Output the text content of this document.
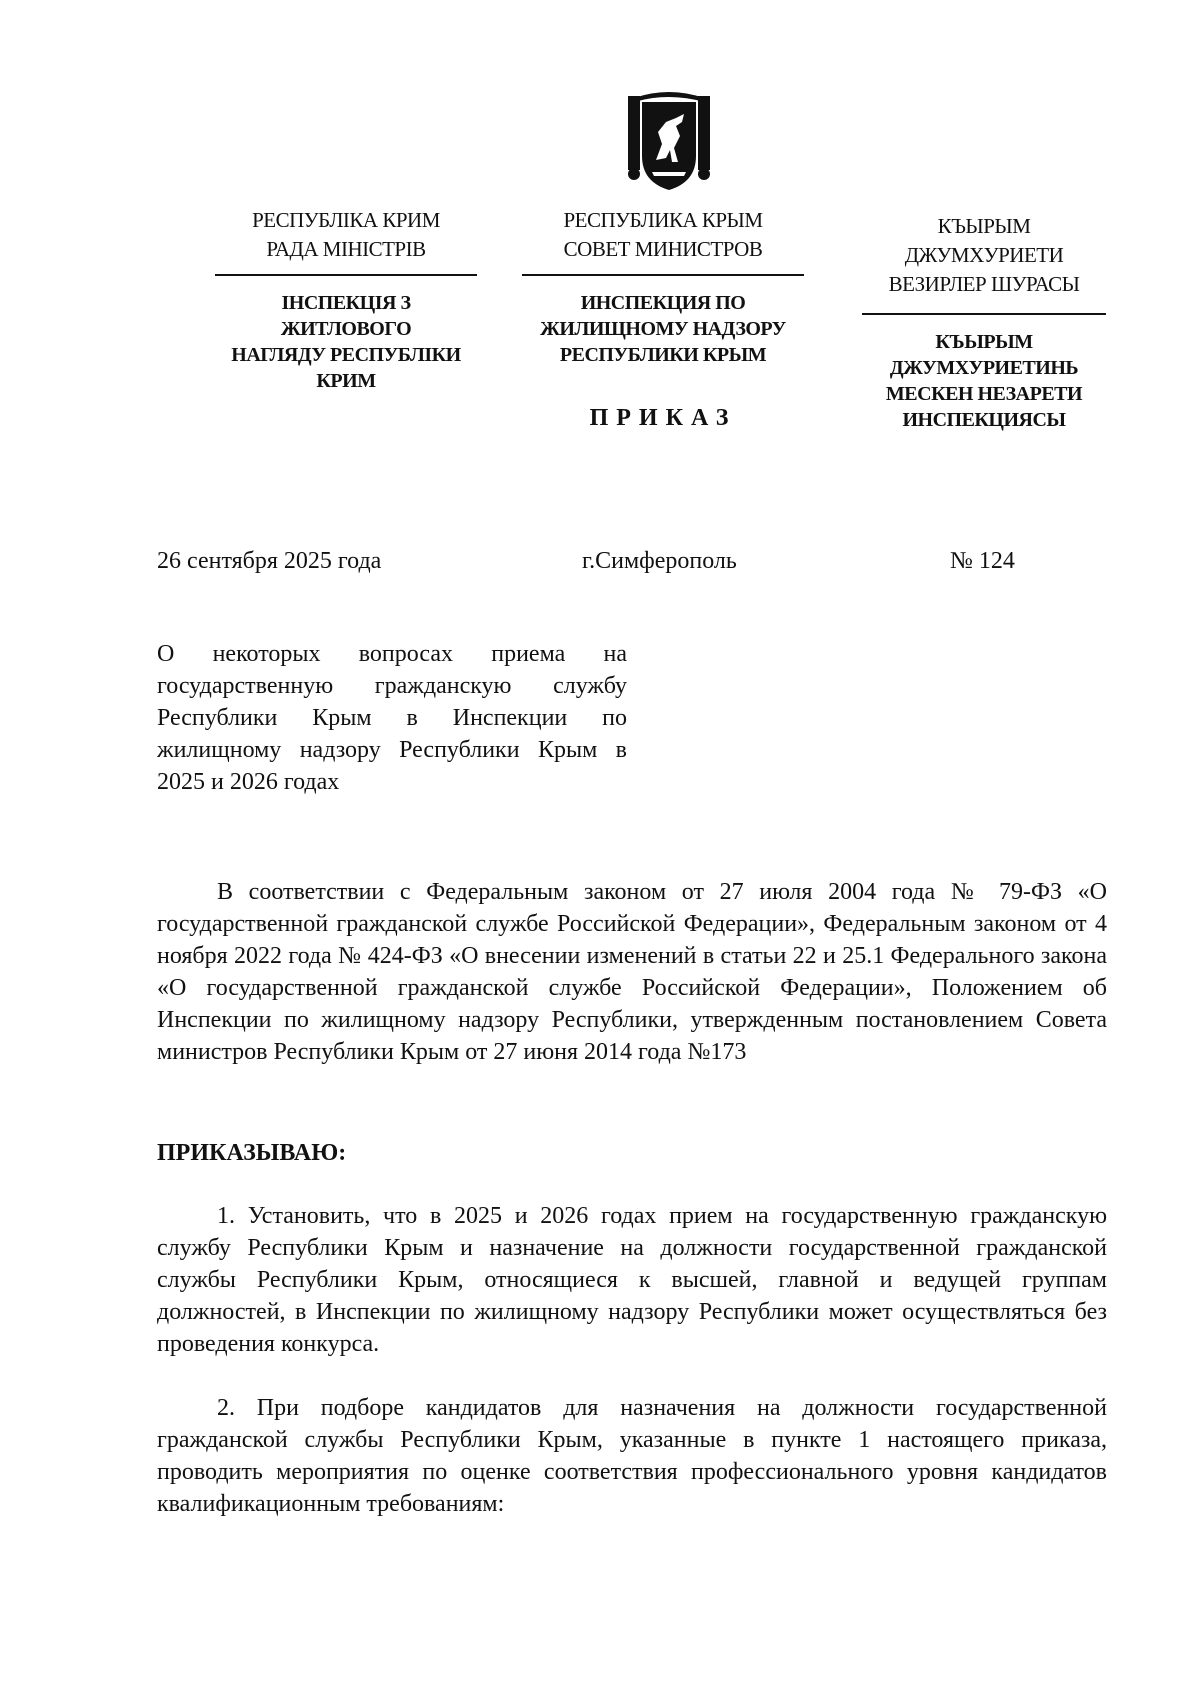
РЕСПУБЛІКА КРИМ
РАДА МІНІСТРІВ
ІНСПЕКЦІЯ З ЖИТЛОВОГО
НАГЛЯДУ РЕСПУБЛІКИ
КРИМ
РЕСПУБЛИКА КРЫМ
СОВЕТ МИНИСТРОВ
ИНСПЕКЦИЯ ПО
ЖИЛИЩНОМУ НАДЗОРУ
РЕСПУБЛИКИ КРЫМ
КЪЫРЫМ ДЖУМХУРИЕТИ
ВЕЗИРЛЕР ШУРАСЫ
КЪЫРЫМ
ДЖУМХУРИЕТИНЬ
МЕСКЕН НЕЗАРЕТИ
ИНСПЕКЦИЯСЫ
ПРИКАЗ
26 сентября 2025 года	г.Симферополь	№ 124
О некоторых вопросах приема на государственную гражданскую службу Республики Крым в Инспекции по жилищному надзору Республики Крым в 2025 и 2026 годах
В соответствии с Федеральным законом от 27 июля 2004 года № 79-ФЗ «О государственной гражданской службе Российской Федерации», Федеральным законом от 4 ноября 2022 года № 424-ФЗ «О внесении изменений в статьи 22 и 25.1 Федерального закона «О государственной гражданской службе Российской Федерации», Положением об Инспекции по жилищному надзору Республики, утвержденным постановлением Совета министров Республики Крым от 27 июня 2014 года №173
ПРИКАЗЫВАЮ:
1. Установить, что в 2025 и 2026 годах прием на государственную гражданскую службу Республики Крым и назначение на должности государственной гражданской службы Республики Крым, относящиеся к высшей, главной и ведущей группам должностей, в Инспекции по жилищному надзору Республики может осуществляться без проведения конкурса.
2. При подборе кандидатов для назначения на должности государственной гражданской службы Республики Крым, указанные в пункте 1 настоящего приказа, проводить мероприятия по оценке соответствия профессионального уровня кандидатов квалификационным требованиям:
